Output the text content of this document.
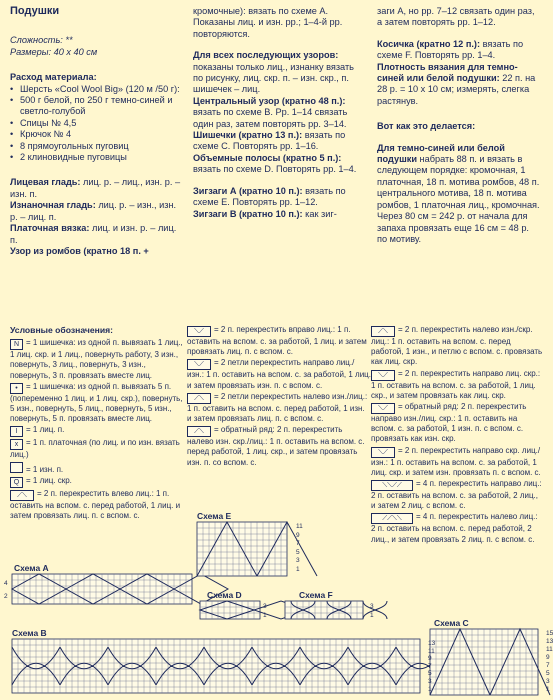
Подушки

Сложность: **

Размеры: 40 х 40 см

Расход материала:

• Шерсть «Cool Wool Big» (120 м /50 г):

• 500 г белой, по 250 г темно-синей и светло-голубой

• Спицы № 4,5

• Крючок № 4

• 8 прямоугольных пуговиц

• 2 клиновидные пуговицы

Лицевая гладь: лиц. р. – лиц., изн. р. – изн. п.

Изнаночная гладь: лиц. р. – изн., изн. р. – лиц. п.

Платочная вязка: лиц. и изн. р. – лиц. п.

Узор из ромбов (кратно 18 п. +

кромочные): вязать по схеме А. Показаны лиц. и изн. рр.; 1–4-й рр. повторяются.

Для всех последующих узоров: показаны только лиц., изнанку вязать по рисунку, лиц. скр. п. – изн. скр., п. шишечек – лиц.

Центральный узор (кратно 48 п.): вязать по схеме В. Рр. 1–14 связать один раз, затем повторять рр. 3–14.

Шишечки (кратно 13 п.): вязать по схеме С. Повторять рр. 1–16.

Объемные полосы (кратно 5 п.): вязать по схеме D. Повторять рр. 1–4.

Зигзаги А (кратно 10 п.): вязать по схеме Е. Повторять рр. 1–12.

Зигзаги В (кратно 10 п.): как зиг-

заги А, но рр. 7–12 связать один раз, а затем повторять рр. 1–12.

Косичка (кратно 12 п.): вязать по схеме F. Повторять рр. 1–4.

Плотность вязания для темно-синей или белой подушки: 22 п. на 28 р. = 10 х 10 см; измерять, слегка растянув.

Вот как это делается:

Для темно-синей или белой подушки набрать 88 п. и вязать в следующем порядке: кромочная, 1 платочная, 18 п. мотива ромбов, 48 п. центрального мотива, 18 п. мотива ромбов, 1 платочная лиц., кромочная. Через 80 см = 242 р. от начала для запаха провязать еще 16 см = 48 р. по мотиву.

Условные обозначения:
N = 1 шишечка: из одной п. вывязать 1 лиц., 1 лиц. скр. и 1 лиц., повернуть работу, 3 изн., повернуть, 3 лиц., повернуть, 3 изн., повернуть, 3 п. провязать вместе лиц.
• = 1 шишечка: из одной п. вывязать 5 п. (попеременно 1 лиц. и 1 лиц. скр.), повернуть, 5 изн., повернуть, 5 лиц., повернуть, 5 изн., повернуть, 5 п. провязать вместе лиц.
I = 1 лиц. п.
x = 1 п. платочная (по лиц. и по изн. вязать лиц.)
= 1 изн. п.
Q = 1 лиц. скр.
⟋⟍ = 2 п. перекрестить влево лиц.: 1 п. оставить на вспом. с. перед работой, 1 лиц. и затем провязать лиц. п. с вспом. с.
⟍⟋ = 2 п. перекрестить вправо лиц.: 1 п. оставить на вспом. с. за работой, 1 лиц. и затем провязать лиц. п. с вспом. с.
⟍⟋ = 2 петли перекрестить направо лиц./изн.: 1 п. оставить на вспом. с. за работой, 1 лиц. и затем провязать изн. п. с вспом. с.
⟋⟍ = 2 петли перекрестить налево изн./лиц.: 1 п. оставить на вспом. с. перед работой, 1 изн. и затем провязать лиц. п. с вспом. с.
⟋⟍ = обратный ряд: 2 п. перекрестить налево изн. скр./лиц.: 1 п. оставить на вспом. с. перед работой, 1 лиц. скр., и затем провязать изн. п. со вспом. с.
⟋⟍ = 2 п. перекрестить налево изн./скр. лиц.: 1 п. оставить на вспом. с. перед работой, 1 изн., и петлю с вспом. с. провязать как лиц. скр.
⟍⟋ = 2 п. перекрестить направо лиц. скр.: 1 п. оставить на вспом. с. за работой, 1 лиц. скр., и затем провязать как лиц. скр.
⟍⟋ = обратный ряд: 2 п. перекрестить направо изн./лиц. скр.: 1 п. оставить на вспом. с. за работой, 1 изн. п. с вспом. с. провязать как изн. скр.
⟍⟋ = 2 п. перекрестить направо скр. лиц./изн.: 1 п. оставить на вспом. с. за работой, 1 лиц. скр. и затем изн. провязать п. с вспом. с.
⟍⟍⟋⟋ = 4 п. перекрестить направо лиц.: 2 п. оставить на вспом. с. за работой, 2 лиц., и затем 2 лиц. с вспом. с.
⟋⟋⟍⟍ = 4 п. перекрестить налево лиц.: 2 п. оставить на вспом. с. перед работой, 2 лиц., и затем провязать 2 лиц. п. с вспом. с.
Схема А
Схема В
Схема С
Схема D
Схема E
Схема F
4
2
13
11
9
7
5
3
1
15
13
11
9
7
5
3
1
3
1
11
9
7
5
3
1
3
1
